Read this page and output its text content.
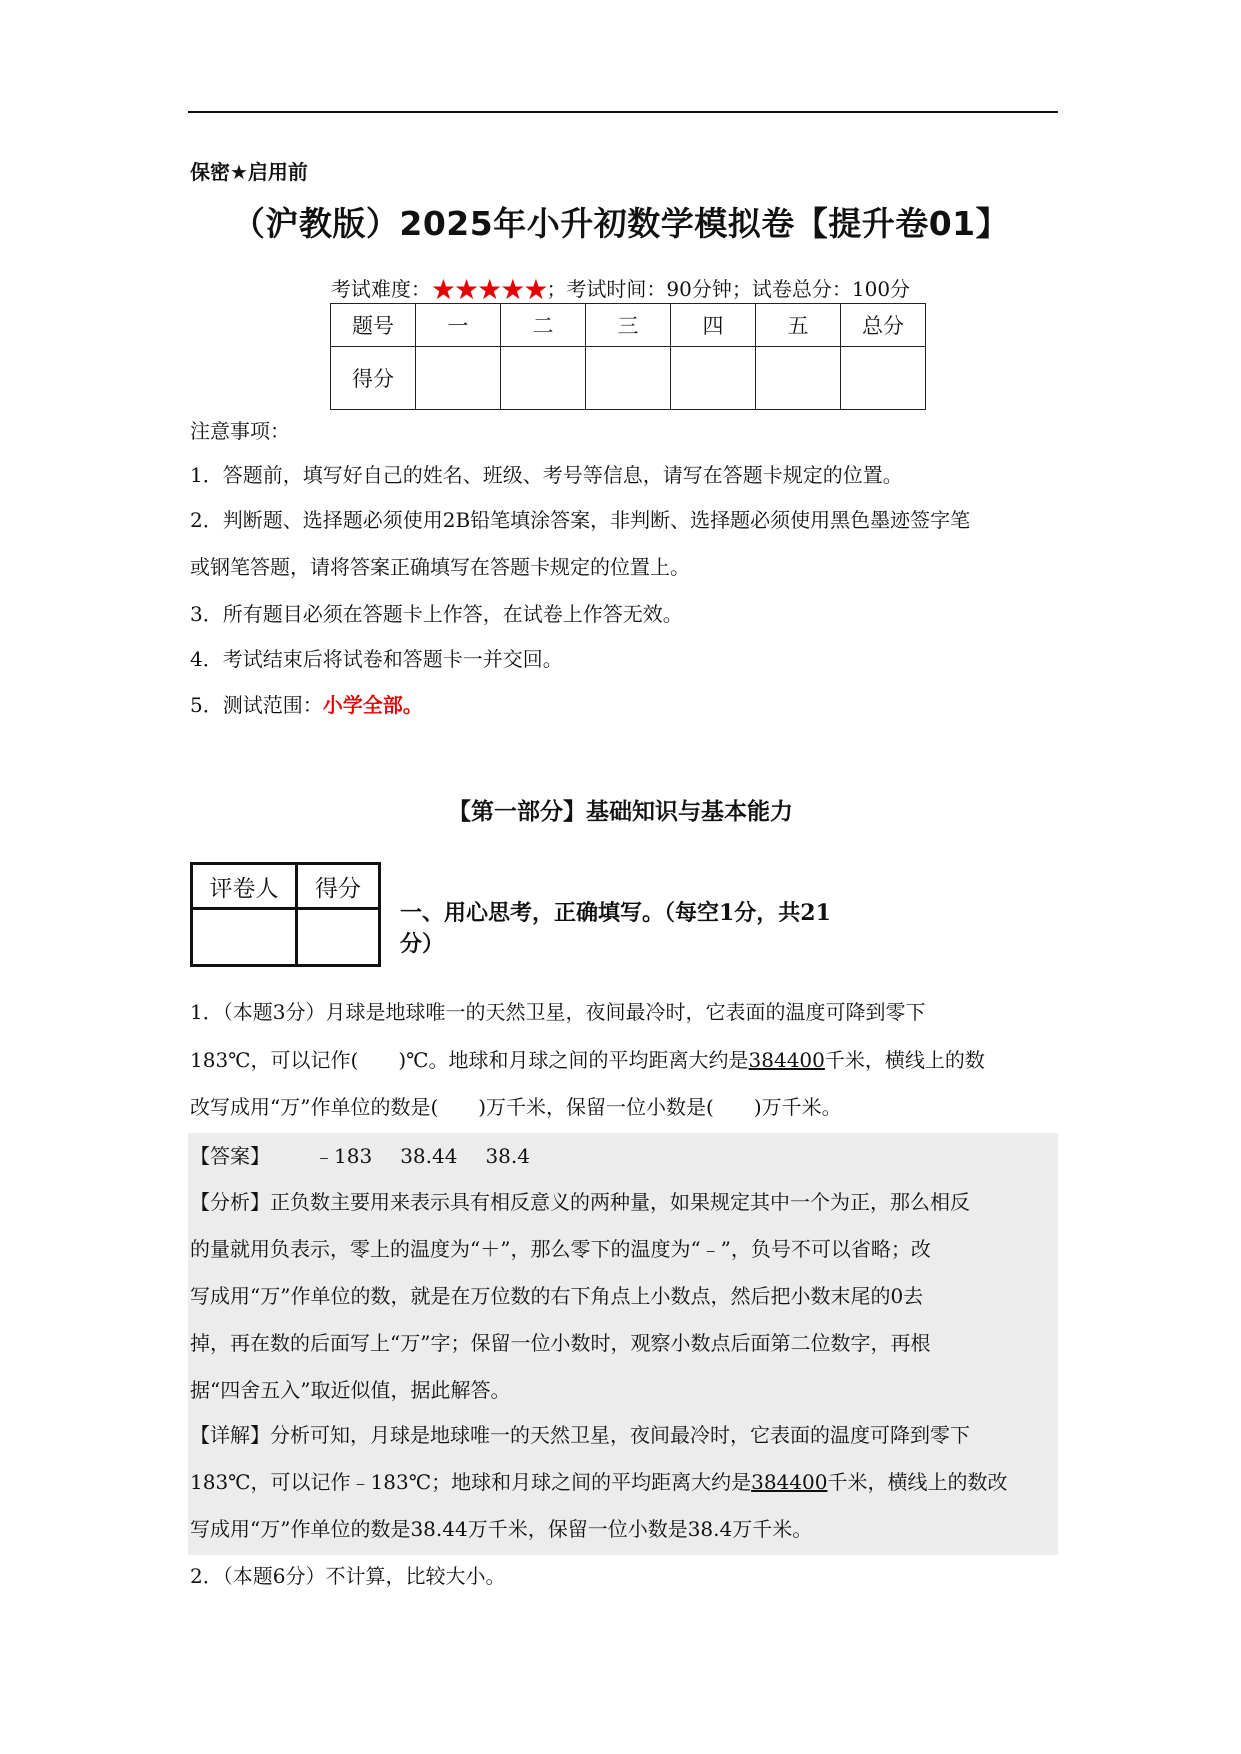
保密★启用前
（沪教版）2025年小升初数学模拟卷【提升卷01】
考试难度：★★★★★；考试时间：90分钟；试卷总分：100分
题号	一	二	三	四	五	总分
得分						
注意事项：
1．答题前，填写好自己的姓名、班级、考号等信息，请写在答题卡规定的位置。
2．判断题、选择题必须使用2B铅笔填涂答案，非判断、选择题必须使用黑色墨迹签字笔
或钢笔答题，请将答案正确填写在答题卡规定的位置上。
3．所有题目必须在答题卡上作答，在试卷上作答无效。
4．考试结束后将试卷和答题卡一并交回。
5．测试范围：小学全部。
【第一部分】基础知识与基本能力
评卷人	得分

一、用心思考，正确填写。（每空1分，共21
分）
1．（本题3分）月球是地球唯一的天然卫星，夜间最冷时，它表面的温度可降到零下
183℃，可以记作(　　)℃。地球和月球之间的平均距离大约是384400千米，横线上的数
改写成用“万”作单位的数是(　　)万千米，保留一位小数是(　　)万千米。
【答案】 ﹣183 38.44 38.4
【分析】正负数主要用来表示具有相反意义的两种量，如果规定其中一个为正，那么相反
的量就用负表示，零上的温度为“＋”，那么零下的温度为“﹣”，负号不可以省略；改
写成用“万”作单位的数，就是在万位数的右下角点上小数点，然后把小数末尾的0去
掉，再在数的后面写上“万”字；保留一位小数时，观察小数点后面第二位数字，再根
据“四舍五入”取近似值，据此解答。
【详解】分析可知，月球是地球唯一的天然卫星，夜间最冷时，它表面的温度可降到零下
183℃，可以记作﹣183℃；地球和月球之间的平均距离大约是384400千米，横线上的数改
写成用“万”作单位的数是38.44万千米，保留一位小数是38.4万千米。
2．（本题6分）不计算，比较大小。
